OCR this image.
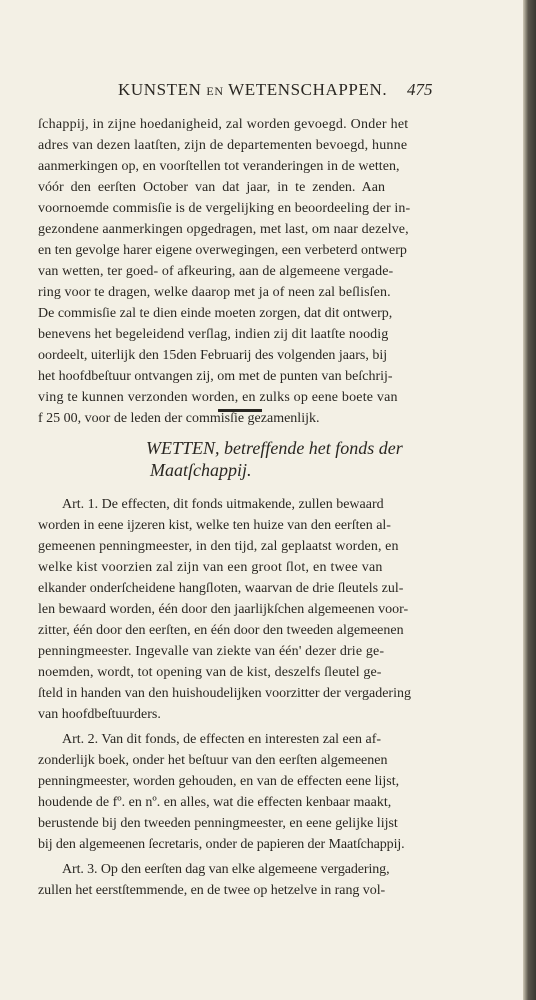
KUNSTEN EN WETENSCHAPPEN. 475
ſchappij, in zijne hoedanigheid, zal worden gevoegd. Onder het
adres van dezen laatſten, zijn de departementen bevoegd, hunne
aanmerkingen op, en voorſtellen tot veranderingen in de wetten,
vóór den eerſten October van dat jaar, in te zenden. Aan
voornoemde commisſie is de vergelijking en beoordeeling der in-
gezondene aanmerkingen opgedragen, met last, om naar dezelve,
en ten gevolge harer eigene overwegingen, een verbeterd ontwerp
van wetten, ter goed- of afkeuring, aan de algemeene vergade-
ring voor te dragen, welke daarop met ja of neen zal beſlisſen.
De commisſie zal te dien einde moeten zorgen, dat dit ontwerp,
benevens het begeleidend verſlag, indien zij dit laatſte noodig
oordeelt, uiterlijk den 15den Februarij des volgenden jaars, bij
het hoofdbeſtuur ontvangen zij, om met de punten van beſchrij-
ving te kunnen verzonden worden, en zulks op eene boete van
WETTEN, betreffende het fonds der
Maatſchappij.
Art. 1. De effecten, dit fonds uitmakende, zullen bewaard
worden in eene ijzeren kist, welke ten huize van den eerſten al-
gemeenen penningmeester, in den tijd, zal geplaatst worden, en
welke kist voorzien zal zijn van een groot ſlot, en twee van
elkander onderſcheidene hangſloten, waarvan de drie ſleutels zul-
len bewaard worden, één door den jaarlijkſchen algemeenen voor-
zitter, één door den eerſten, en één door den tweeden algemeenen
penningmeester. Ingevalle van ziekte van één' dezer drie ge-
noemden, wordt, tot opening van de kist, deszelfs ſleutel ge-
ſteld in handen van den huishoudelijken voorzitter der vergadering
van hoofdbeſtuurders.
Art. 2. Van dit fonds, de effecten en interesten zal een af-
zonderlijk boek, onder het beſtuur van den eerſten algemeenen
penningmeester, worden gehouden, en van de effecten eene lijst,
houdende de fº. en nº. en alles, wat die effecten kenbaar maakt,
berustende bij den tweeden penningmeester, en eene gelijke lijst
bij den algemeenen ſecretaris, onder de papieren der Maatſchappij.
Art. 3. Op den eerſten dag van elke algemeene vergadering,
zullen het eerstſtemmende, en de twee op hetzelve in rang vol-
f 25 00, voor de leden der commisſie gezamenlijk.
